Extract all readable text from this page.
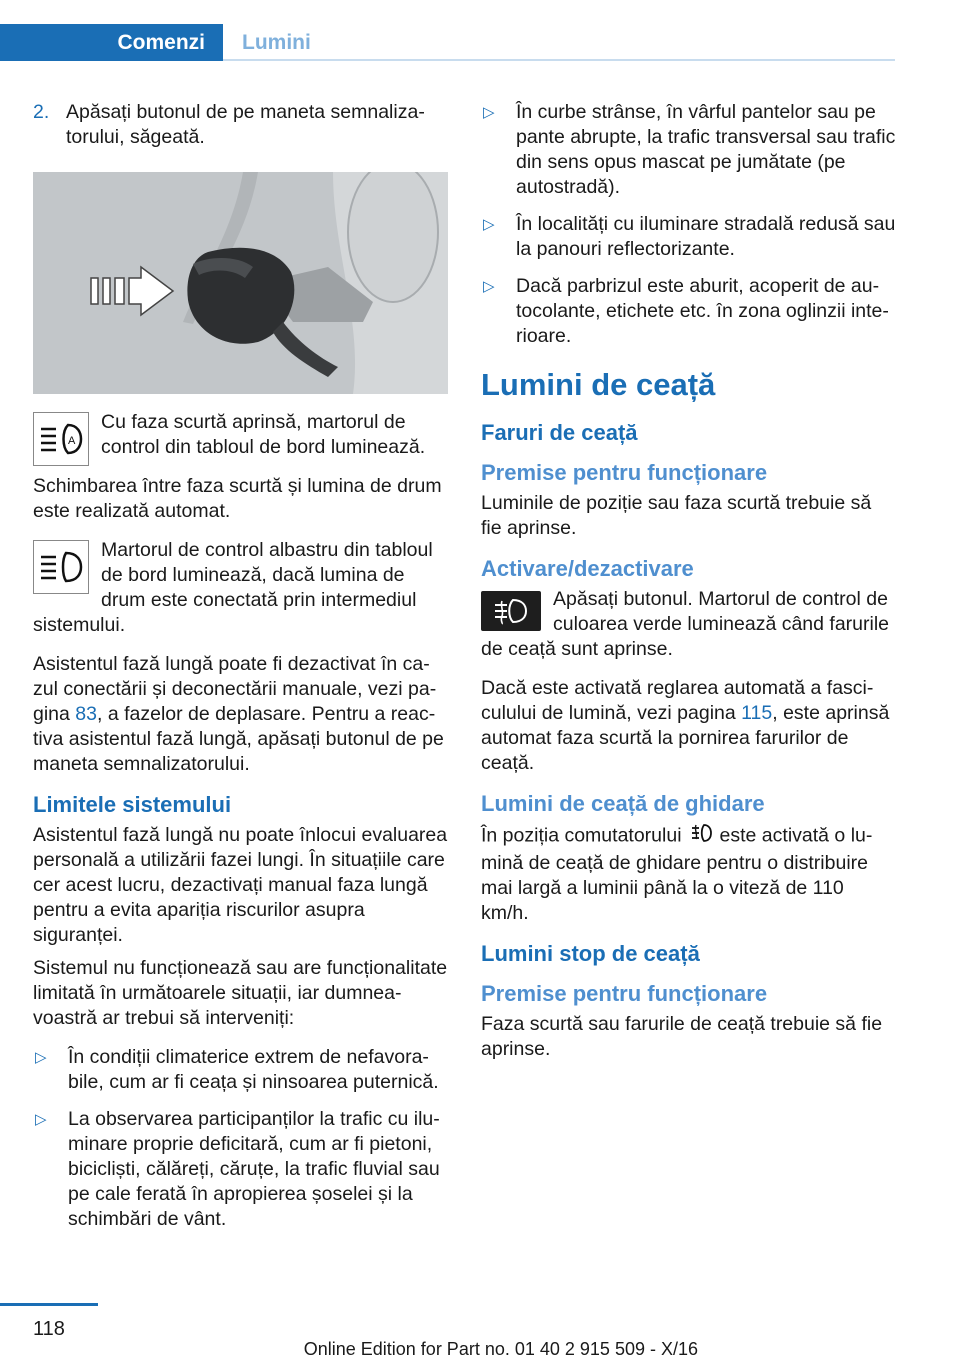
Comenzi	Lumini
2. Apăsați butonul de pe maneta semnalizatorului, săgeată.
A

Cu faza scurtă aprinsă, martorul de control din tabloul de bord luminează.

Schimbarea între faza scurtă și lumina de drum este realizată automat.

Martorul de control albastru din tabloul de bord luminează, dacă lumina de drum este conectată prin intermediul sistemului.

Asistentul fază lungă poate fi dezactivat în cazul conectării și deconectării manuale, vezi pagina 83, a fazelor de deplasare. Pentru a reactiva asistentul fază lungă, apăsați butonul de pe maneta semnalizatorului.

Limitele sistemului

Asistentul fază lungă nu poate înlocui evaluarea personală a utilizării fazei lungi. În situațiile care cer acest lucru, dezactivați manual faza lungă pentru a evita apariția riscurilor asupra siguranței.

Sistemul nu funcționează sau are funcționalitate limitată în următoarele situații, iar dumneavoastră ar trebui să interveniți:

▷	În condiții climaterice extrem de nefavorabile, cum ar fi ceața și ninsoarea puternică.
▷	La observarea participanților la trafic cu iluminare proprie deficitară, cum ar fi pietoni, bicicliști, călăreți, căruțe, la trafic fluvial sau pe cale ferată în apropierea șoselei și la schimbări de vânt.
▷	În curbe strânse, în vârful pantelor sau pe pante abrupte, la trafic transversal sau trafic din sens opus mascat pe jumătate (pe autostradă).
▷	În localități cu iluminare stradală redusă sau la panouri reflectorizante.
▷	Dacă parbrizul este aburit, acoperit de autocolante, etichete etc. în zona oglinzii interioare.
Lumini de ceață
Faruri de ceață
Premise pentru funcționare

Luminile de poziție sau faza scurtă trebuie să fie aprinse.

Activare/dezactivare

Apăsați butonul. Martorul de control de culoarea verde luminează când farurile de ceață sunt aprinse.

Dacă este activată reglarea automată a fasciculului de lumină, vezi pagina 115, este aprinsă automat faza scurtă la pornirea farurilor de ceață.

Lumini de ceață de ghidare

În poziția comutatorului este activată o lumină de ceață de ghidare pentru o distribuire mai largă a luminii până la o viteză de 110 km/h.

Lumini stop de ceață
Premise pentru funcționare

Faza scurtă sau farurile de ceață trebuie să fie aprinse.

118
Online Edition for Part no. 01 40 2 915 509 - X/16
